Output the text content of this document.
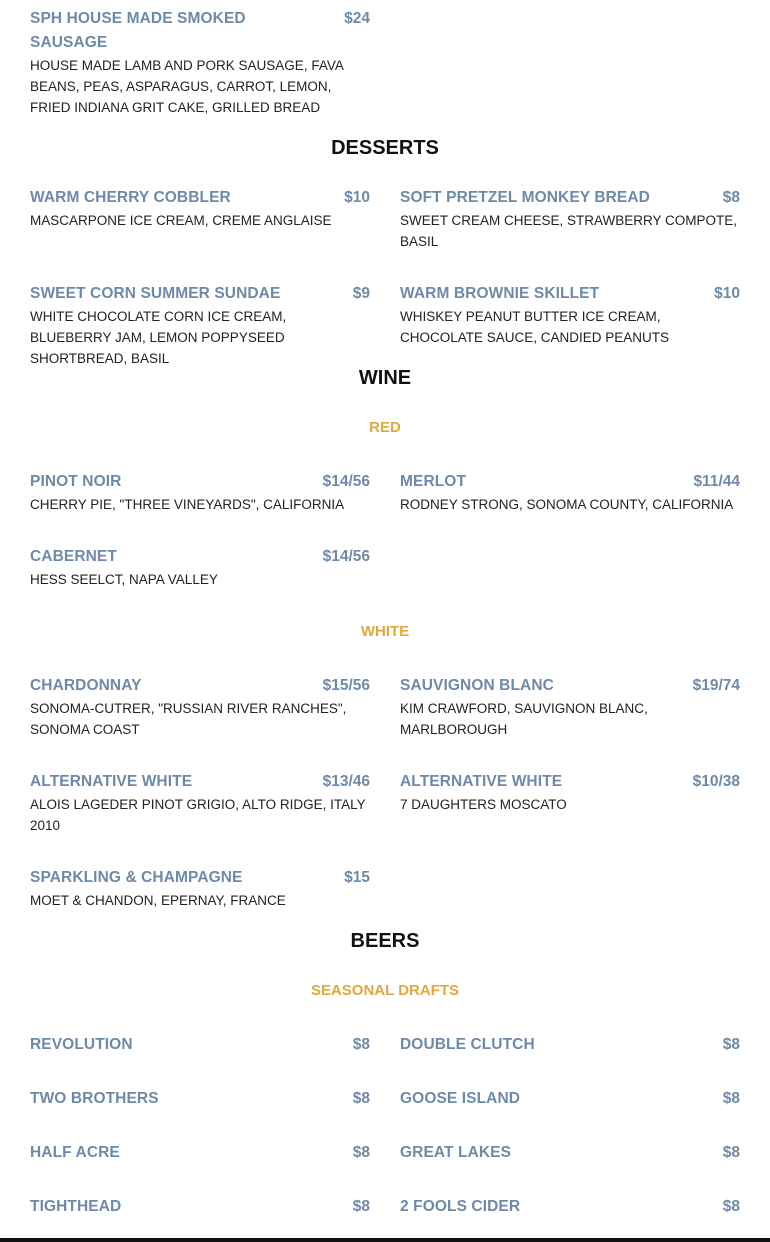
SPH HOUSE MADE SMOKED SAUSAGE
$24
HOUSE MADE LAMB AND PORK SAUSAGE, FAVA BEANS, PEAS, ASPARAGUS, CARROT, LEMON, FRIED INDIANA GRIT CAKE, GRILLED BREAD
DESSERTS
WARM CHERRY COBBLER	$10
MASCARPONE ICE CREAM, CREME ANGLAISE
SOFT PRETZEL MONKEY BREAD	$8
SWEET CREAM CHEESE, STRAWBERRY COMPOTE, BASIL
SWEET CORN SUMMER SUNDAE	$9
WHITE CHOCOLATE CORN ICE CREAM, BLUEBERRY JAM, LEMON POPPYSEED SHORTBREAD, BASIL
WARM BROWNIE SKILLET	$10
WHISKEY PEANUT BUTTER ICE CREAM, CHOCOLATE SAUCE, CANDIED PEANUTS
WINE
RED
PINOT NOIR	$14/56
CHERRY PIE, "THREE VINEYARDS", CALIFORNIA
MERLOT	$11/44
RODNEY STRONG, SONOMA COUNTY, CALIFORNIA
CABERNET	$14/56
HESS SEELCT, NAPA VALLEY
WHITE
CHARDONNAY	$15/56
SONOMA-CUTRER, "RUSSIAN RIVER RANCHES", SONOMA COAST
SAUVIGNON BLANC	$19/74
KIM CRAWFORD, SAUVIGNON BLANC, MARLBOROUGH
ALTERNATIVE WHITE	$13/46
ALOIS LAGEDER PINOT GRIGIO, ALTO RIDGE, ITALY 2010
ALTERNATIVE WHITE	$10/38
7 DAUGHTERS MOSCATO
SPARKLING & CHAMPAGNE	$15
MOET & CHANDON, EPERNAY, FRANCE
BEERS
SEASONAL DRAFTS
REVOLUTION	$8 DOUBLE CLUTCH	$8
TWO BROTHERS	$8 GOOSE ISLAND	$8
HALF ACRE	$8 GREAT LAKES	$8
TIGHTHEAD	$8 2 FOOLS CIDER	$8
